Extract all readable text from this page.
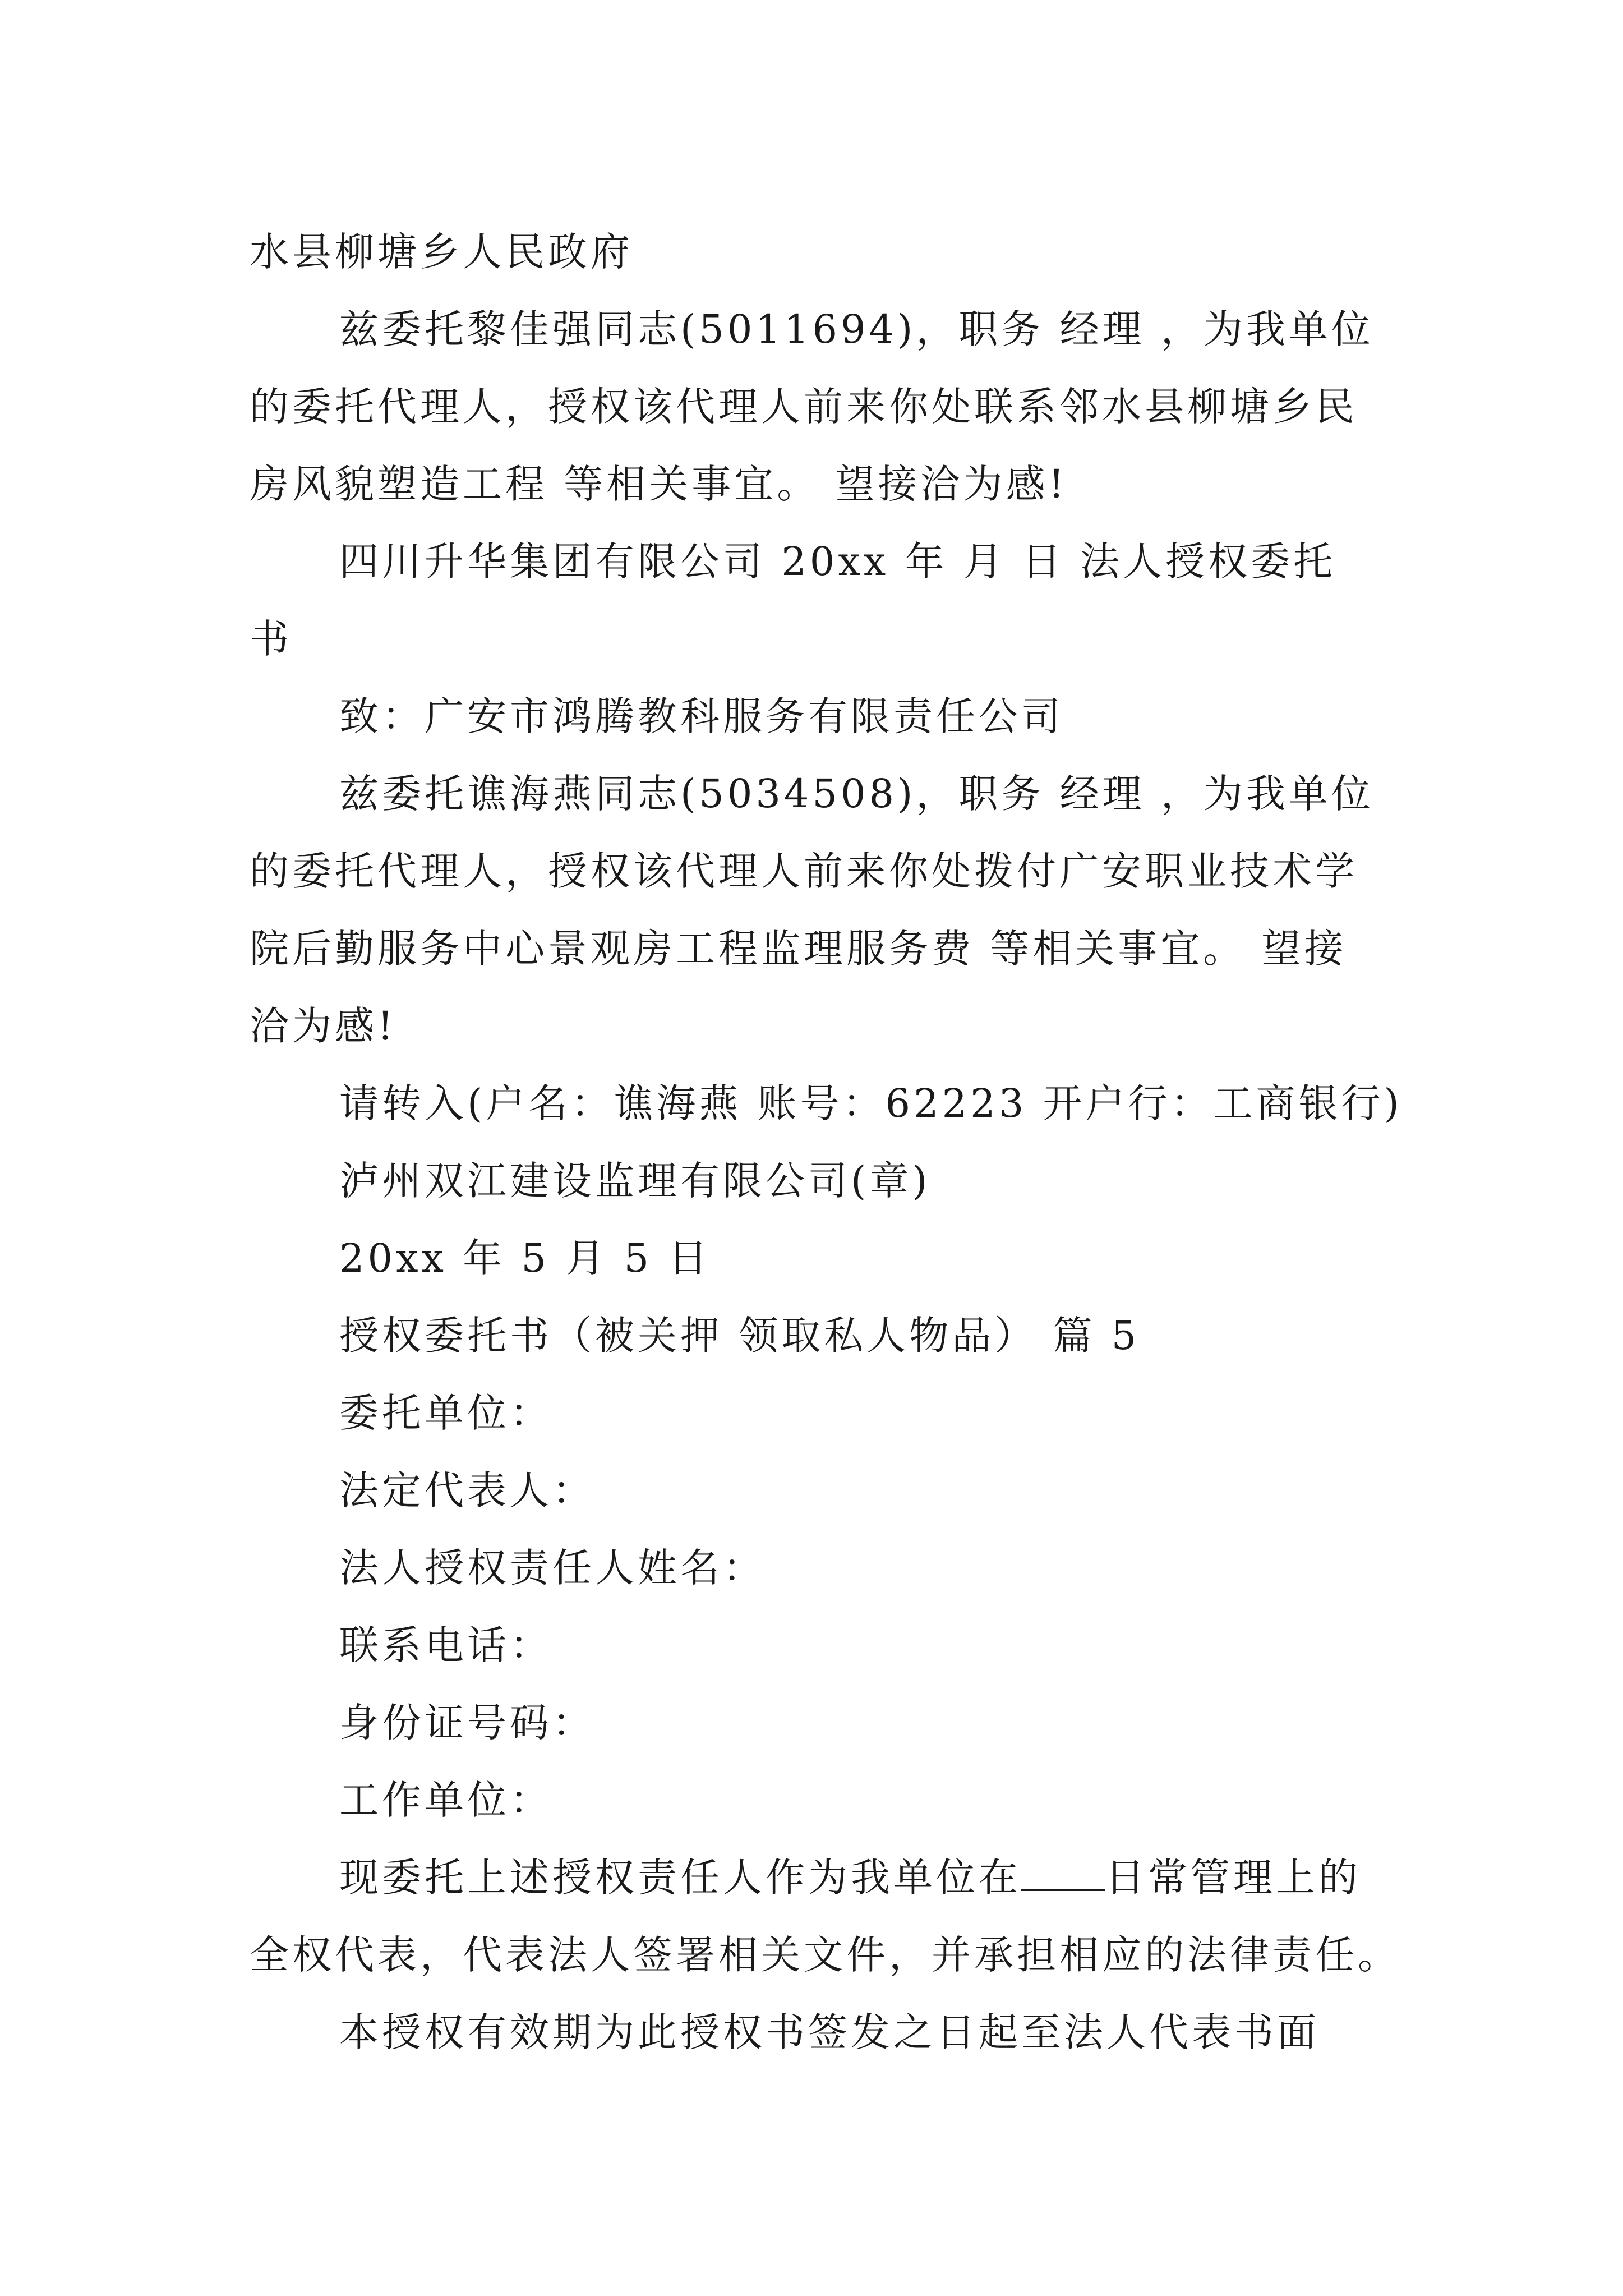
水县柳塘乡人民政府
兹委托黎佳强同志(5011694)，职务 经理 ，为我单位
的委托代理人，授权该代理人前来你处联系邻水县柳塘乡民
房风貌塑造工程 等相关事宜。 望接洽为感!
四川升华集团有限公司 20xx 年 月 日 法人授权委托
书
致：广安市鸿腾教科服务有限责任公司
兹委托谯海燕同志(5034508)，职务 经理 ，为我单位
的委托代理人，授权该代理人前来你处拨付广安职业技术学
院后勤服务中心景观房工程监理服务费 等相关事宜。 望接
洽为感!
请转入(户名：谯海燕 账号：62223 开户行：工商银行)
泸州双江建设监理有限公司(章)
20xx 年 5 月 5 日
授权委托书（被关押 领取私人物品） 篇 5
委托单位：
法定代表人：
法人授权责任人姓名：
联系电话：
身份证号码：
工作单位：
现委托上述授权责任人作为我单位在 日常管理上的
全权代表，代表法人签署相关文件，并承担相应的法律责任。
本授权有效期为此授权书签发之日起至法人代表书面
